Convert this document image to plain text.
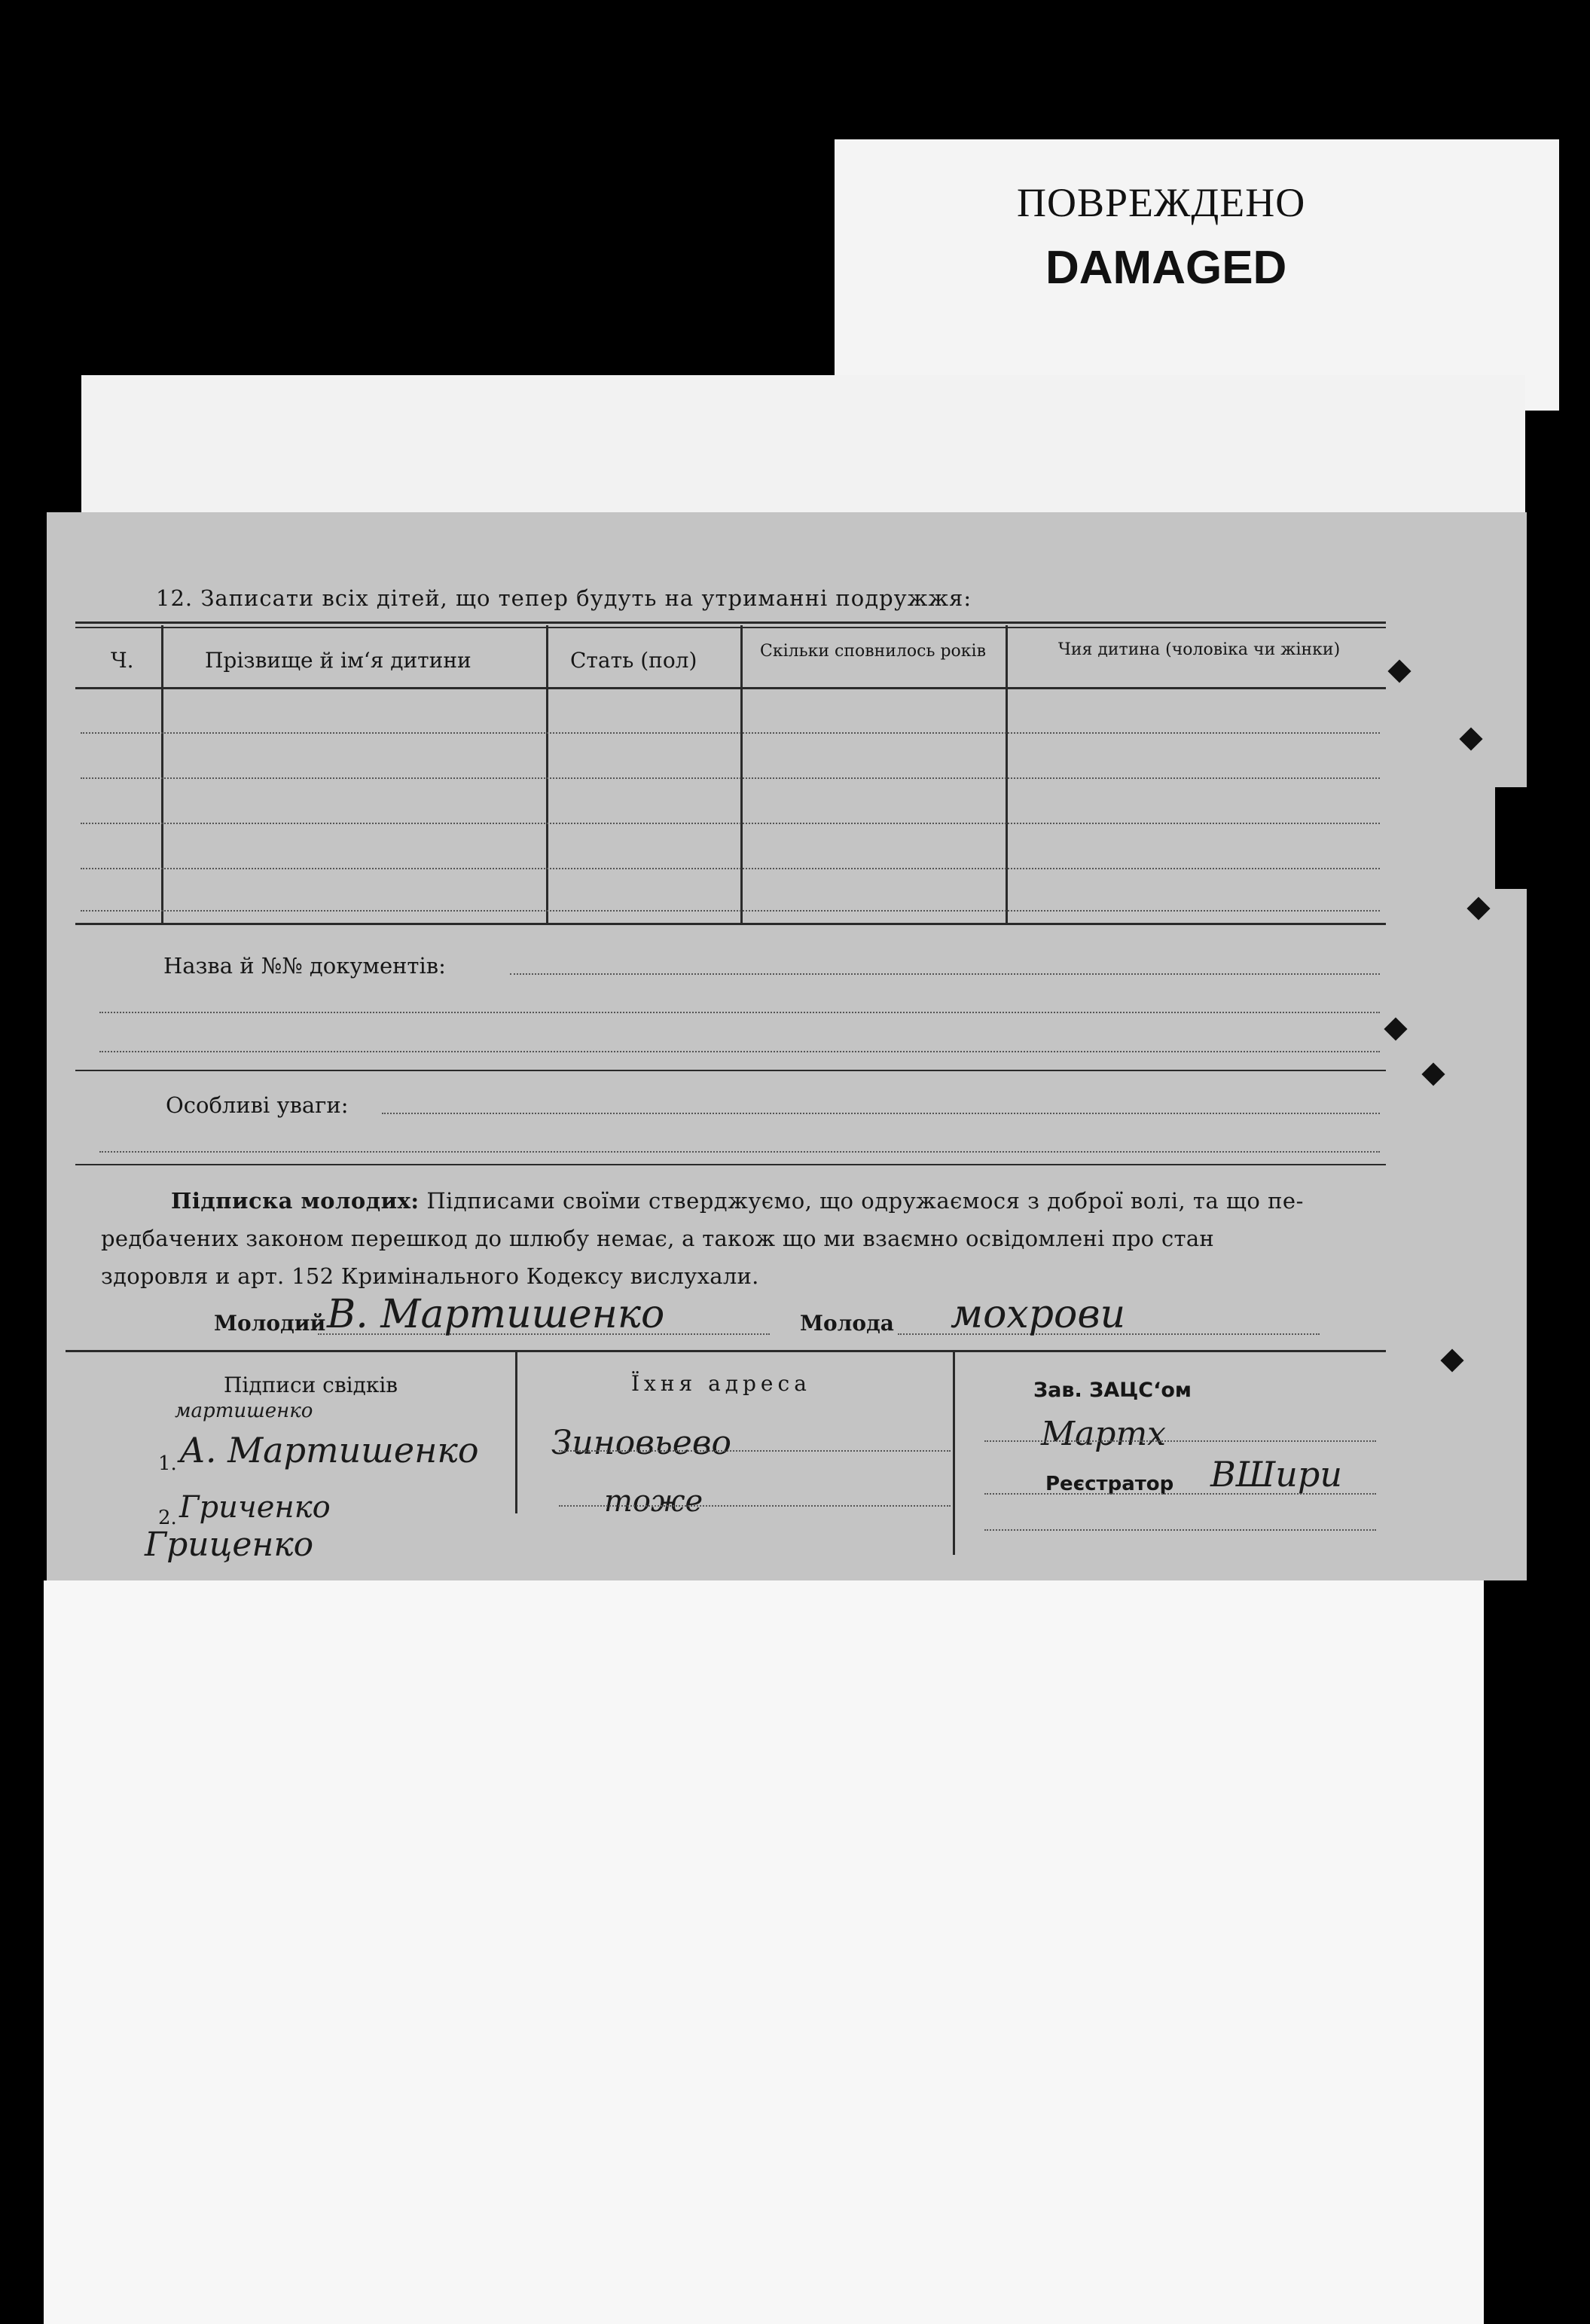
ПОВРЕЖДЕНО
DAMAGED
12. Записати всіх дітей, що тепер будуть на утриманні подружжя:
Ч.	Прізвище й ім‘я дитини	Стать (пол)	Скільки сповнилось років	Чия дитина (чоловіка чи жінки)
Назва й №№ документів:
Особливі уваги:
Підписка молодих: Підписами своїми стверджуємо, що одружаємося з доброї волі, та що пе-
редбачених законом перешкод до шлюбу немає, а також що ми взаємно освідомлені про стан
здоровля и арт. 152 Кримінального Кодексу вислухали.
Молодий В. Мартишенко	Молода мохрови
Підписи свідків	Їхня адреса	Зав. ЗАЦС‘ом
Реєстратор
мартишенко
1. А. Мартишенко
2. Гриченко
Гриценко
Зиновьево
тоже
Мартх
ВШири
